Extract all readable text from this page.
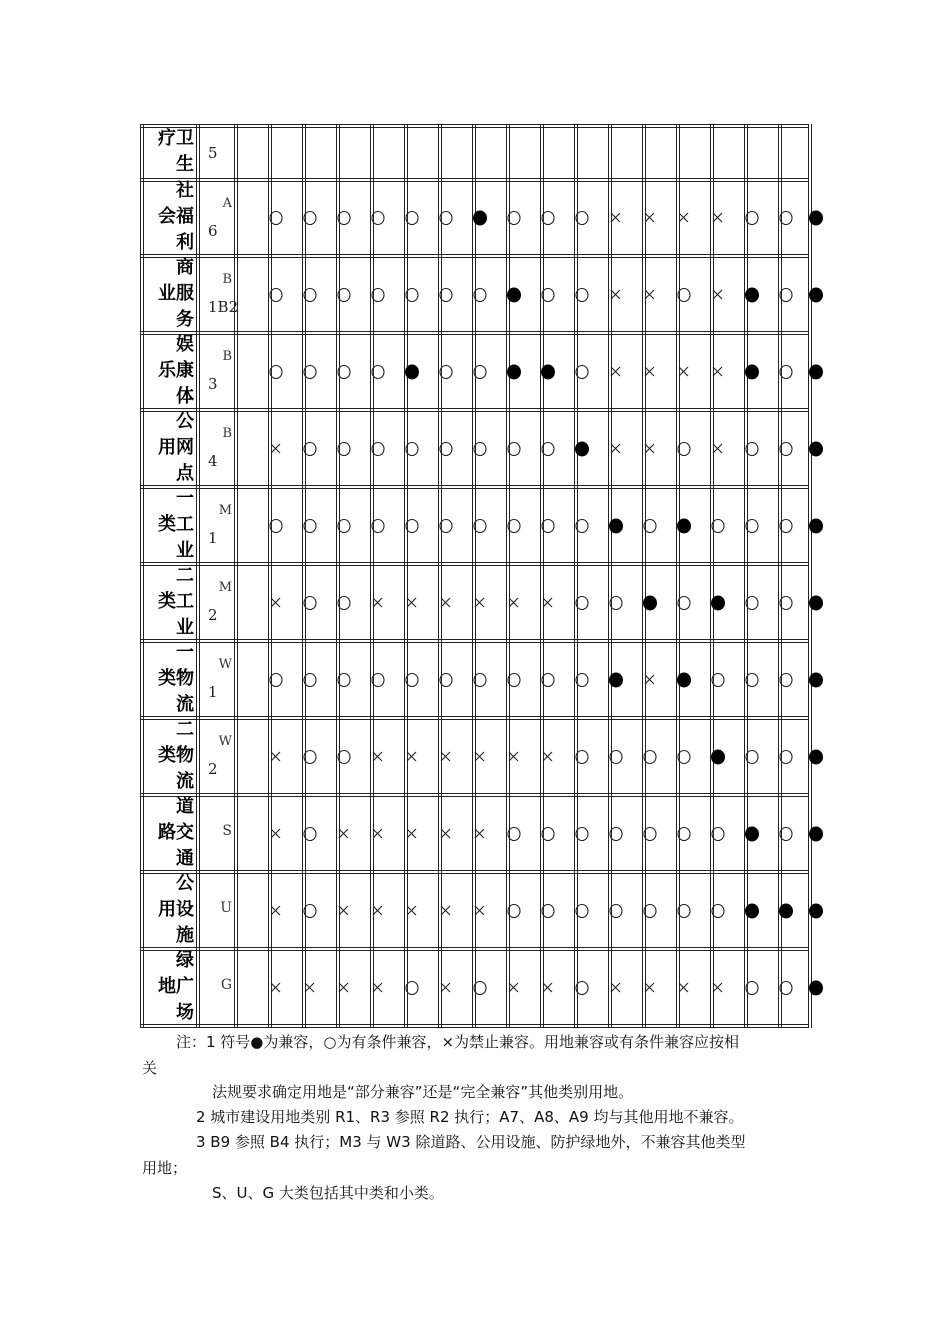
疗卫
生
5
社
会福
利
A
6
商
业服
务
B
1B2
娱
乐康
体
B
3
公
用网
点
B
4
一
类工
业
M
1
二
类工
业
M
2
一
类物
流
W
1
二
类物
流
W
2
道
路交
通
S
公
用设
施
U
绿
地广
场
G
注：1 符号●为兼容，○为有条件兼容，×为禁止兼容。用地兼容或有条件兼容应按相
关
法规要求确定用地是“部分兼容”还是“完全兼容”其他类别用地。
2 城市建设用地类别 R1、R3 参照 R2 执行；A7、A8、A9 均与其他用地不兼容。
3 B9 参照 B4 执行；M3 与 W3 除道路、公用设施、防护绿地外，不兼容其他类型
用地；
S、U、G 大类包括其中类和小类。
